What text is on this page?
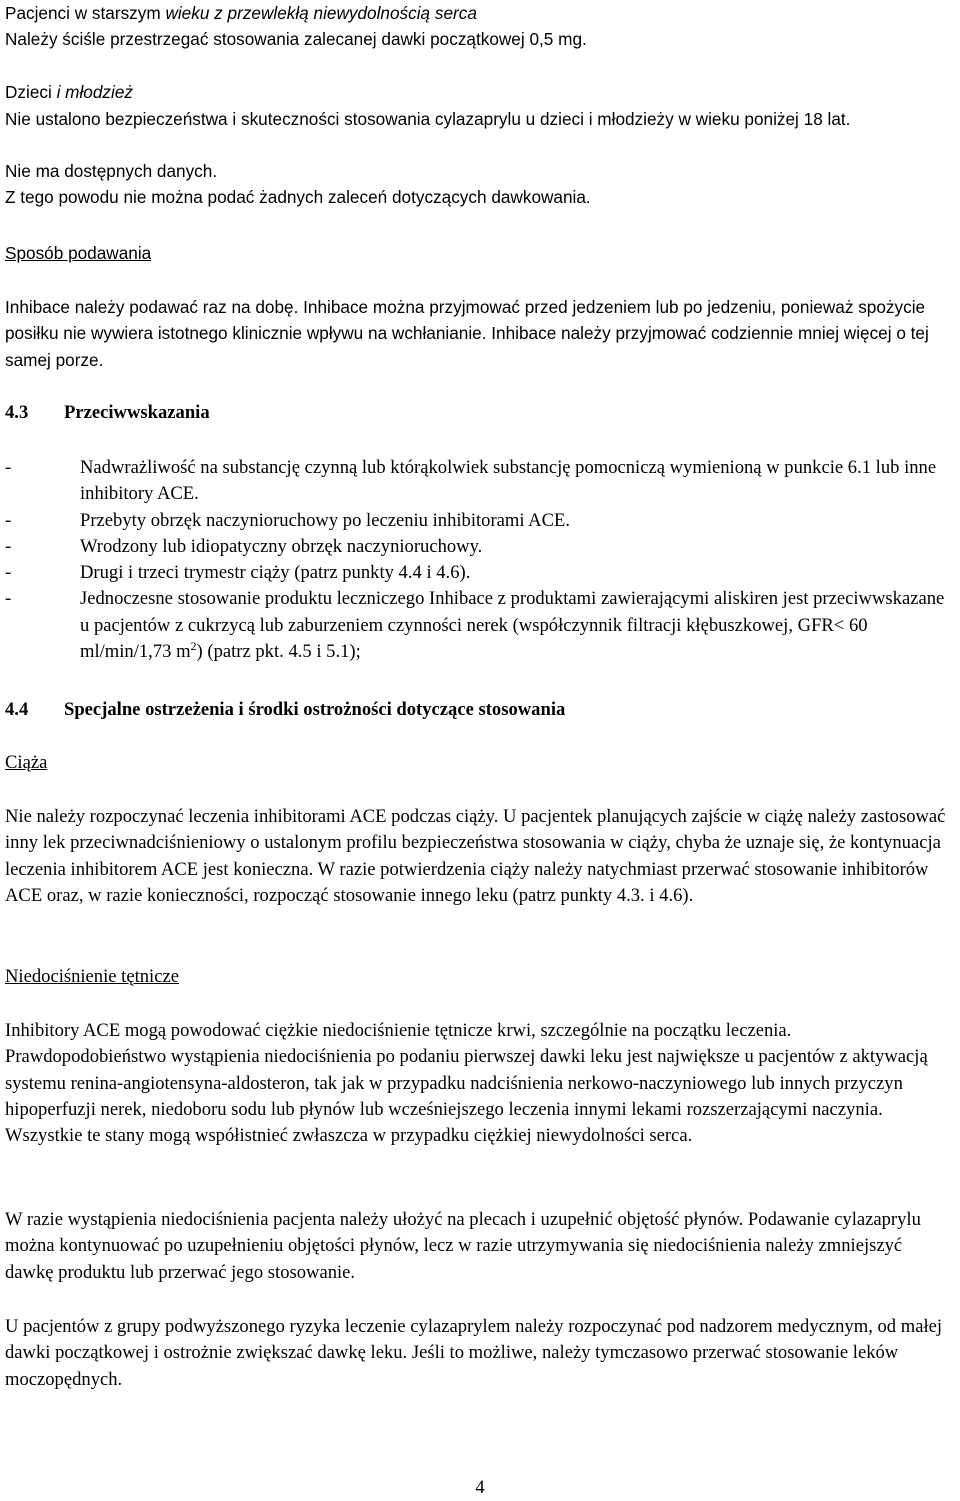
Pacjenci w starszym wieku z przewlekłą niewydolnością serca
Należy ściśle przestrzegać stosowania zalecanej dawki początkowej 0,5 mg.
Dzieci i młodzież
Nie ustalono bezpieczeństwa i skuteczności stosowania cylazaprylu u dzieci i młodzieży w wieku poniżej 18 lat.
Nie ma dostępnych danych.
Z tego powodu nie można podać żadnych zaleceń dotyczących dawkowania.
Sposób podawania

Inhibace należy podawać raz na dobę. Inhibace można przyjmować przed jedzeniem lub po jedzeniu, ponieważ spożycie posiłku nie wywiera istotnego klinicznie wpływu na wchłanianie. Inhibace należy przyjmować codziennie mniej więcej o tej samej porze.

4.3	Przeciwwskazania
-	Nadwrażliwość na substancję czynną lub którąkolwiek substancję pomocniczą wymienioną w punkcie 6.1 lub inne inhibitory ACE.
-	Przebyty obrzęk naczynioruchowy po leczeniu inhibitorami ACE.
-	Wrodzony lub idiopatyczny obrzęk naczynioruchowy.
-	Drugi i trzeci trymestr ciąży (patrz punkty 4.4 i 4.6).
-	Jednoczesne stosowanie produktu leczniczego Inhibace z produktami zawierającymi aliskiren jest przeciwwskazane u pacjentów z cukrzycą lub zaburzeniem czynności nerek (współczynnik filtracji kłębuszkowej, GFR< 60 ml/min/1,73 $m^2$) (patrz pkt. 4.5 i 5.1);
4.4	Specjalne ostrzeżenia i środki ostrożności dotyczące stosowania
Ciąża

Nie należy rozpoczynać leczenia inhibitorami ACE podczas ciąży. U pacjentek planujących zajście w ciążę należy zastosować inny lek przeciwnadciśnieniowy o ustalonym profilu bezpieczeństwa stosowania w ciąży, chyba że uznaje się, że kontynuacja leczenia inhibitorem ACE jest konieczna. W razie potwierdzenia ciąży należy natychmiast przerwać stosowanie inhibitorów ACE oraz, w razie konieczności, rozpocząć stosowanie innego leku (patrz punkty 4.3. i 4.6).

Niedociśnienie tętnicze

Inhibitory ACE mogą powodować ciężkie niedociśnienie tętnicze krwi, szczególnie na początku leczenia. Prawdopodobieństwo wystąpienia niedociśnienia po podaniu pierwszej dawki leku jest największe u pacjentów z aktywacją systemu renina-angiotensyna-aldosteron, tak jak w przypadku nadciśnienia nerkowo-naczyniowego lub innych przyczyn hipoperfuzji nerek, niedoboru sodu lub płynów lub wcześniejszego leczenia innymi lekami rozszerzającymi naczynia. Wszystkie te stany mogą współistnieć zwłaszcza w przypadku ciężkiej niewydolności serca.

W razie wystąpienia niedociśnienia pacjenta należy ułożyć na plecach i uzupełnić objętość płynów. Podawanie cylazaprylu można kontynuować po uzupełnieniu objętości płynów, lecz w razie utrzymywania się niedociśnienia należy zmniejszyć dawkę produktu lub przerwać jego stosowanie.

U pacjentów z grupy podwyższonego ryzyka leczenie cylazaprylem należy rozpoczynać pod nadzorem medycznym, od małej dawki początkowej i ostrożnie zwiększać dawkę leku. Jeśli to możliwe, należy tymczasowo przerwać stosowanie leków moczopędnych.

4
